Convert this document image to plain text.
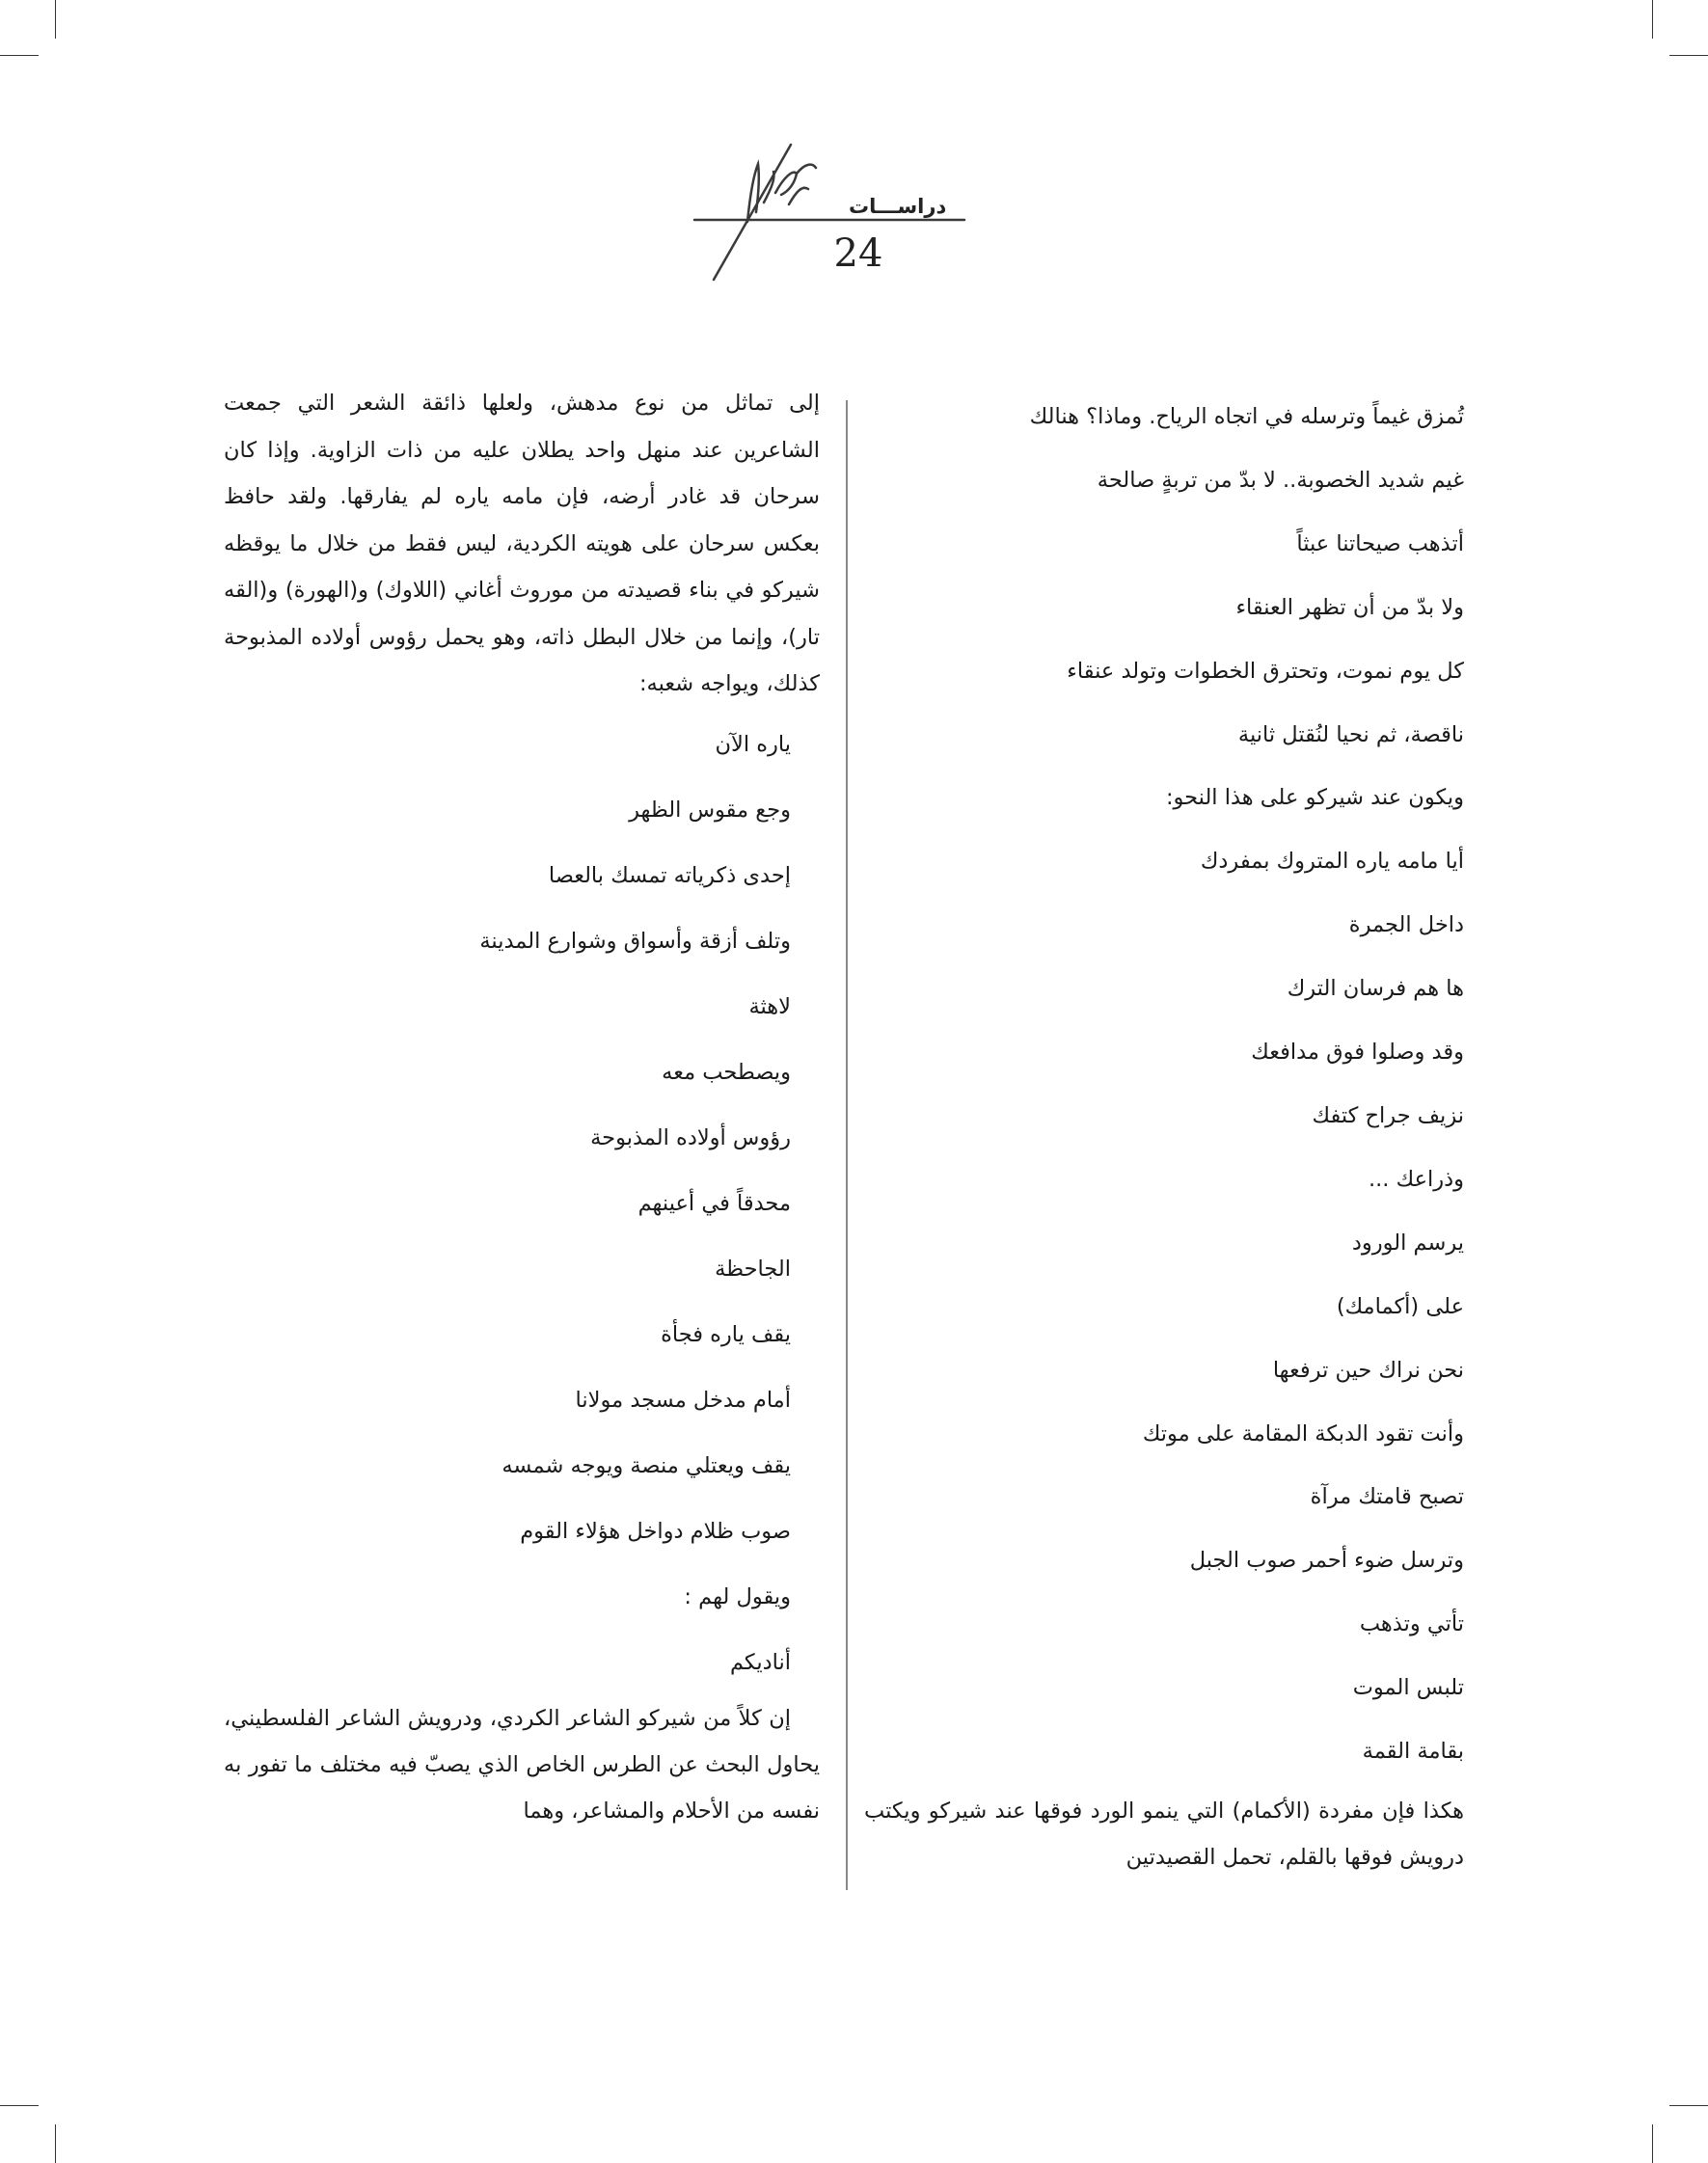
دراســـات
24

تُمزق غيماً وترسله في اتجاه الرياح. وماذا؟ هنالك

غيم شديد الخصوبة.. لا بدّ من تربةٍ صالحة

أتذهب صيحاتنا عبثاً

ولا بدّ من أن تظهر العنقاء

كل يوم نموت، وتحترق الخطوات وتولد عنقاء

ناقصة، ثم نحيا لنُقتل ثانية

ويكون عند شيركو على هذا النحو:

أيا مامه ياره المتروك بمفردك

داخل الجمرة

ها هم فرسان الترك

وقد وصلوا فوق مدافعك

نزيف جراح كتفك

وذراعك ...

يرسم الورود

على (أكمامك)

نحن نراك حين ترفعها

وأنت تقود الدبكة المقامة على موتك

تصبح قامتك مرآة

وترسل ضوء أحمر صوب الجبل

تأتي وتذهب

تلبس الموت

بقامة القمة

هكذا فإن مفردة (الأكمام) التي ينمو الورد فوقها عند شيركو ويكتب درويش فوقها بالقلم، تحمل القصيدتين

إلى تماثل من نوع مدهش، ولعلها ذائقة الشعر التي جمعت الشاعرين عند منهل واحد يطلان عليه من ذات الزاوية. وإذا كان سرحان قد غادر أرضه، فإن مامه ياره لم يفارقها. ولقد حافظ بعكس سرحان على هويته الكردية، ليس فقط من خلال ما يوقظه شيركو في بناء قصيدته من موروث أغاني (اللاوك) و(الهورة) و(القه تار)، وإنما من خلال البطل ذاته، وهو يحمل رؤوس أولاده المذبوحة كذلك، ويواجه شعبه:

ياره الآن

وجع مقوس الظهر

إحدى ذكرياته تمسك بالعصا

وتلف أزقة وأسواق وشوارع المدينة

لاهثة

ويصطحب معه

رؤوس أولاده المذبوحة

محدقاً في أعينهم

الجاحظة

يقف ياره فجأة

أمام مدخل مسجد مولانا

يقف ويعتلي منصة ويوجه شمسه

صوب ظلام دواخل هؤلاء القوم

ويقول لهم :

أناديكم

إن كلاً من شيركو الشاعر الكردي، ودرويش الشاعر الفلسطيني، يحاول البحث عن الطرس الخاص الذي يصبّ فيه مختلف ما تفور به نفسه من الأحلام والمشاعر، وهما
